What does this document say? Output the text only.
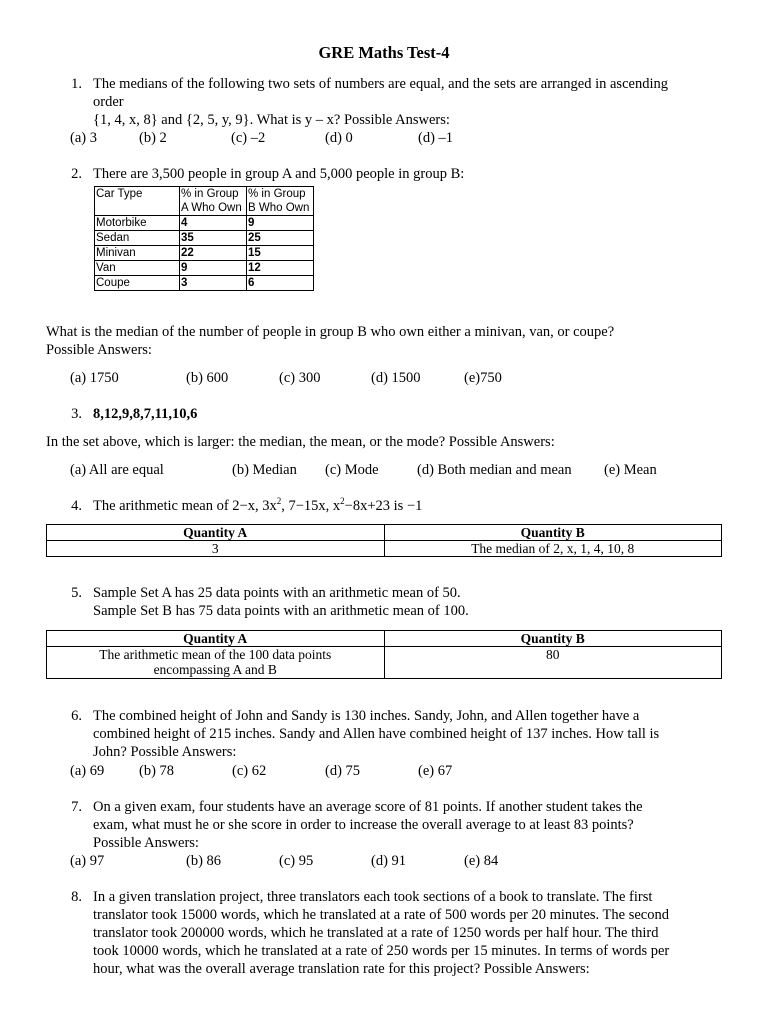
GRE Maths Test-4
1. The medians of the following two sets of numbers are equal, and the sets are arranged in ascending
order
{1, 4, x, 8} and {2, 5, y, 9}. What is y – x? Possible Answers:
(a) 3	(b) 2	(c) –2	(d) 0	(d) –1
2. There are 3,500 people in group A and 5,000 people in group B:
Car Type	% in Group A Who Own	% in Group B Who Own
Motorbike	4	9
Sedan	35	25
Minivan	22	15
Van	9	12
Coupe	3	6
What is the median of the number of people in group B who own either a minivan, van, or coupe?
Possible Answers:
(a) 1750	(b) 600	(c) 300	(d) 1500	(e)750
3. 8,12,9,8,7,11,10,6
In the set above, which is larger: the median, the mean, or the mode? Possible Answers:
(a) All are equal	(b) Median (c) Mode	(d) Both median and mean (e) Mean
4. The arithmetic mean of 2−x, $3x^2$, 7−15x, $x^2-8x+23$ is −1
Quantity A	Quantity B
3	The median of 2, x, 1, 4, 10, 8
5. Sample Set A has 25 data points with an arithmetic mean of 50.
Sample Set B has 75 data points with an arithmetic mean of 100.
Quantity A	Quantity B

The arithmetic mean of the 100 data points
encompassing A and B	80
6. The combined height of John and Sandy is 130 inches. Sandy, John, and Allen together have a
combined height of 215 inches. Sandy and Allen have combined height of 137 inches. How tall is
John? Possible Answers:
(a) 69 (b) 78	(c) 62	(d) 75	(e) 67
7. On a given exam, four students have an average score of 81 points. If another student takes the
exam, what must he or she score in order to increase the overall average to at least 83 points?
Possible Answers:
(a) 97	(b) 86	(c) 95	(d) 91	(e) 84
8. In a given translation project, three translators each took sections of a book to translate. The first
translator took 15000 words, which he translated at a rate of 500 words per 20 minutes. The second
translator took 200000 words, which he translated at a rate of 1250 words per half hour. The third
took 10000 words, which he translated at a rate of 250 words per 15 minutes. In terms of words per
hour, what was the overall average translation rate for this project? Possible Answers:
